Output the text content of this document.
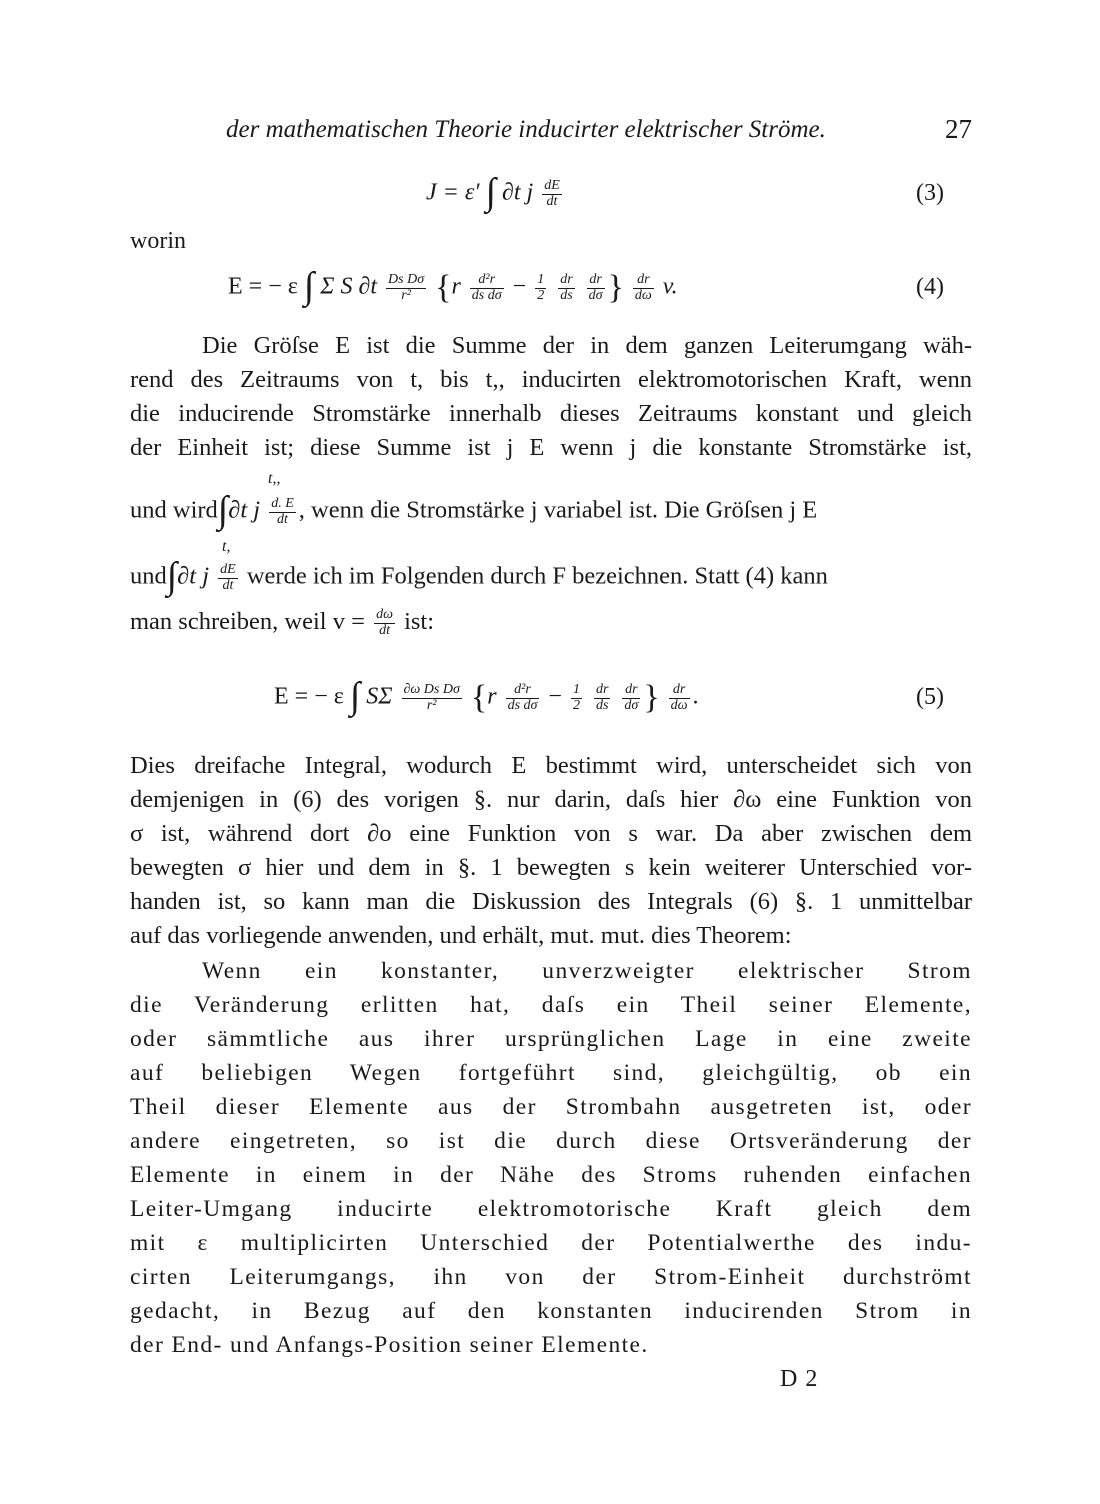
der mathematischen Theorie inducirter elektrischer Ströme.	27
J = ε′ ∫ ∂t j $\frac{dE}{dt}$	(3)
worin
E = − ε ∫ Σ S $\partial t \frac{\text{Ds Dσ}}{\text{r²}} \{r \frac{\text{d²r}}{\text{ds dσ}} - \frac{1}{2}$
$\frac{dr}{ds}$
$\frac{dr}{d\sigma}$ } $\frac{dr}{d\omega} v$.	(4)
Die Gröſse E ist die Summe der in dem ganzen Leiterumgang wäh-
rend des Zeitraums von t, bis t,, inducirten elektromotorischen Kraft, wenn
die inducirende Stromstärke innerhalb dieses Zeitraums konstant und gleich
der Einheit ist; diese Summe ist j E wenn j die konstante Stromstärke ist,
t,,
t,
und wird∫∂t j $\frac{d. E}{dt}$ , wenn die Stromstärke j variabel ist. Die Gröſsen j E
und∫∂t j $\frac{dE}{dt}$ werde ich im Folgenden durch F bezeichnen. Statt (4) kann
man schreiben, weil $v = \frac{d\omega}{dt}$ ist:
E = − ε ∫ SΣ $\frac{\text{∂ω Ds Dσ}}{\text{r²}} \{r \frac{\text{d²r}}{\text{ds dσ}} - \frac{1}{2}$
$\frac{dr}{ds}$
$\frac{dr}{d\sigma}$ } $\frac{dr}{d\omega}$ .	(5)
Dies dreifache Integral, wodurch E bestimmt wird, unterscheidet sich von
demjenigen in (6) des vorigen §. nur darin, daſs hier ∂ω eine Funktion von
σ ist, während dort ∂o eine Funktion von s war. Da aber zwischen dem
bewegten σ hier und dem in §. 1 bewegten s kein weiterer Unterschied vor-
handen ist, so kann man die Diskussion des Integrals (6) §. 1 unmittelbar
auf das vorliegende anwenden, und erhält, mut. mut. dies Theorem:
Wenn ein konstanter, unverzweigter elektrischer Strom
die Veränderung erlitten hat, daſs ein Theil seiner Elemente,
oder sämmtliche aus ihrer ursprünglichen Lage in eine zweite
auf beliebigen Wegen fortgeführt sind, gleichgültig, ob ein
Theil dieser Elemente aus der Strombahn ausgetreten ist, oder
andere eingetreten, so ist die durch diese Ortsveränderung der
Elemente in einem in der Nähe des Stroms ruhenden einfachen
Leiter-Umgang inducirte elektromotorische Kraft gleich dem
mit ε multiplicirten Unterschied der Potentialwerthe des indu-
cirten Leiterumgangs, ihn von der Strom-Einheit durchströmt
gedacht, in Bezug auf den konstanten inducirenden Strom in
der End- und Anfangs-Position seiner Elemente.
D 2
